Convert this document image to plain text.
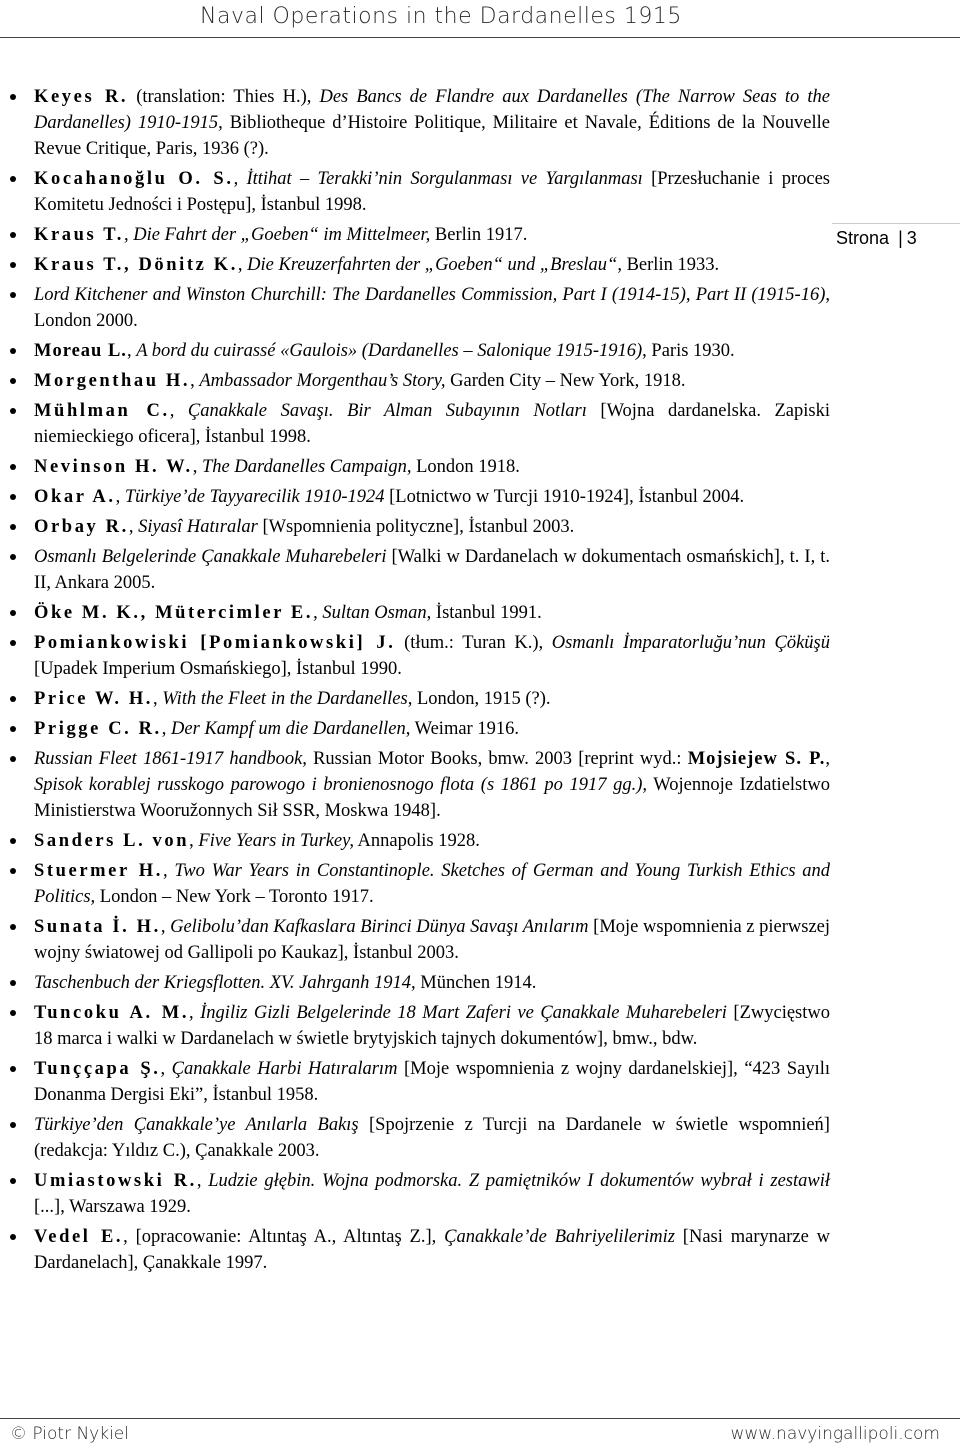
Naval Operations in the Dardanelles 1915
Strona | 3
Keyes R. (translation: Thies H.), Des Bancs de Flandre aux Dardanelles (The Narrow Seas to the Dardanelles) 1910-1915, Bibliotheque d’Histoire Politique, Militaire et Navale, Éditions de la Nouvelle Revue Critique, Paris, 1936 (?).
Kocahanoğlu O. S., İttihat – Terakki’nin Sorgulanması ve Yargılanması [Przesłuchanie i proces Komitetu Jedności i Postępu], İstanbul 1998.
Kraus T., Die Fahrt der „Goeben“ im Mittelmeer, Berlin 1917.
Kraus T., Dönitz K., Die Kreuzerfahrten der „Goeben“ und „Breslau“, Berlin 1933.
Lord Kitchener and Winston Churchill: The Dardanelles Commission, Part I (1914-15), Part II (1915-16), London 2000.
Moreau L., A bord du cuirassé «Gaulois» (Dardanelles – Salonique 1915-1916), Paris 1930.
Morgenthau H., Ambassador Morgenthau’s Story, Garden City – New York, 1918.
Mühlman C., Çanakkale Savaşı. Bir Alman Subayının Notları [Wojna dardanelska. Zapiski niemieckiego oficera], İstanbul 1998.
Nevinson H. W., The Dardanelles Campaign, London 1918.
Okar A., Türkiye’de Tayyarecilik 1910-1924 [Lotnictwo w Turcji 1910-1924], İstanbul 2004.
Orbay R., Siyasî Hatıralar [Wspomnienia polityczne], İstanbul 2003.
Osmanlı Belgelerinde Çanakkale Muharebeleri [Walki w Dardanelach w dokumentach osmańskich], t. I, t. II, Ankara 2005.
Öke M. K., Mütercimler E., Sultan Osman, İstanbul 1991.
Pomiankowiski [Pomiankowski] J. (tłum.: Turan K.), Osmanlı İmparatorluğu’nun Çöküşü [Upadek Imperium Osmańskiego], İstanbul 1990.
Price W. H., With the Fleet in the Dardanelles, London, 1915 (?).
Prigge C. R., Der Kampf um die Dardanellen, Weimar 1916.
Russian Fleet 1861-1917 handbook, Russian Motor Books, bmw. 2003 [reprint wyd.: Mojsiejew S. P., Spisok korablej russkogo parowogo i bronienosnogo flota (s 1861 po 1917 gg.), Wojennoje Izdatielstwo Ministierstwa Wooružonnych Sił SSR, Moskwa 1948].
Sanders L. von, Five Years in Turkey, Annapolis 1928.
Stuermer H., Two War Years in Constantinople. Sketches of German and Young Turkish Ethics and Politics, London – New York – Toronto 1917.
Sunata İ. H., Gelibolu’dan Kafkaslara Birinci Dünya Savaşı Anılarım [Moje wspomnienia z pierwszej wojny światowej od Gallipoli po Kaukaz], İstanbul 2003.
Taschenbuch der Kriegsflotten. XV. Jahrganh 1914, München 1914.
Tuncoku A. M., İngiliz Gizli Belgelerinde 18 Mart Zaferi ve Çanakkale Muharebeleri [Zwycięstwo 18 marca i walki w Dardanelach w świetle brytyjskich tajnych dokumentów], bmw., bdw.
Tunççapa Ş., Çanakkale Harbi Hatıralarım [Moje wspomnienia z wojny dardanelskiej], “423 Sayılı Donanma Dergisi Eki”, İstanbul 1958.
Türkiye’den Çanakkale’ye Anılarla Bakış [Spojrzenie z Turcji na Dardanele w świetle wspomnień] (redakcja: Yıldız C.), Çanakkale 2003.
Umiastowski R., Ludzie głębin. Wojna podmorska. Z pamiętników I dokumentów wybrał i zestawił [...], Warszawa 1929.
Vedel E., [opracowanie: Altıntaş A., Altıntaş Z.], Çanakkale’de Bahriyelilerimiz [Nasi marynarze w Dardanelach], Çanakkale 1997.
© Piotr Nykiel	www.navyingallipoli.com
